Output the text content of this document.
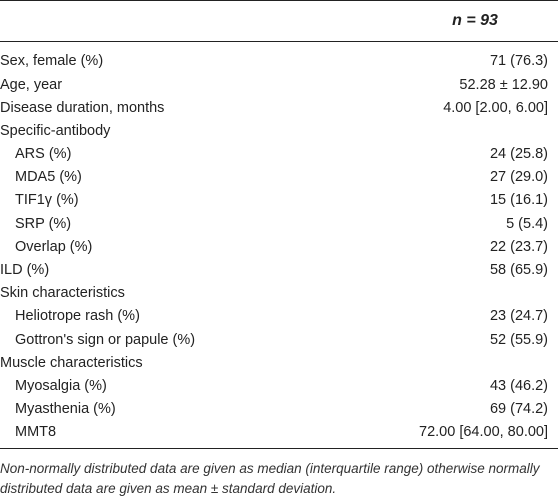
n = 93
Sex, female (%)	71 (76.3)
Age, year	52.28 ± 12.90
Disease duration, months	4.00 [2.00, 6.00]
Specific-antibody
ARS (%)	24 (25.8)
MDA5 (%)	27 (29.0)
TIF1γ (%)	15 (16.1)
SRP (%)	5 (5.4)
Overlap (%)	22 (23.7)
ILD (%)	58 (65.9)
Skin characteristics
Heliotrope rash (%)	23 (24.7)
Gottron's sign or papule (%)	52 (55.9)
Muscle characteristics
Myosalgia (%)	43 (46.2)
Myasthenia (%)	69 (74.2)
MMT8	72.00 [64.00, 80.00]
Non-normally distributed data are given as median (interquartile range) otherwise normally distributed data are given as mean ± standard deviation.
